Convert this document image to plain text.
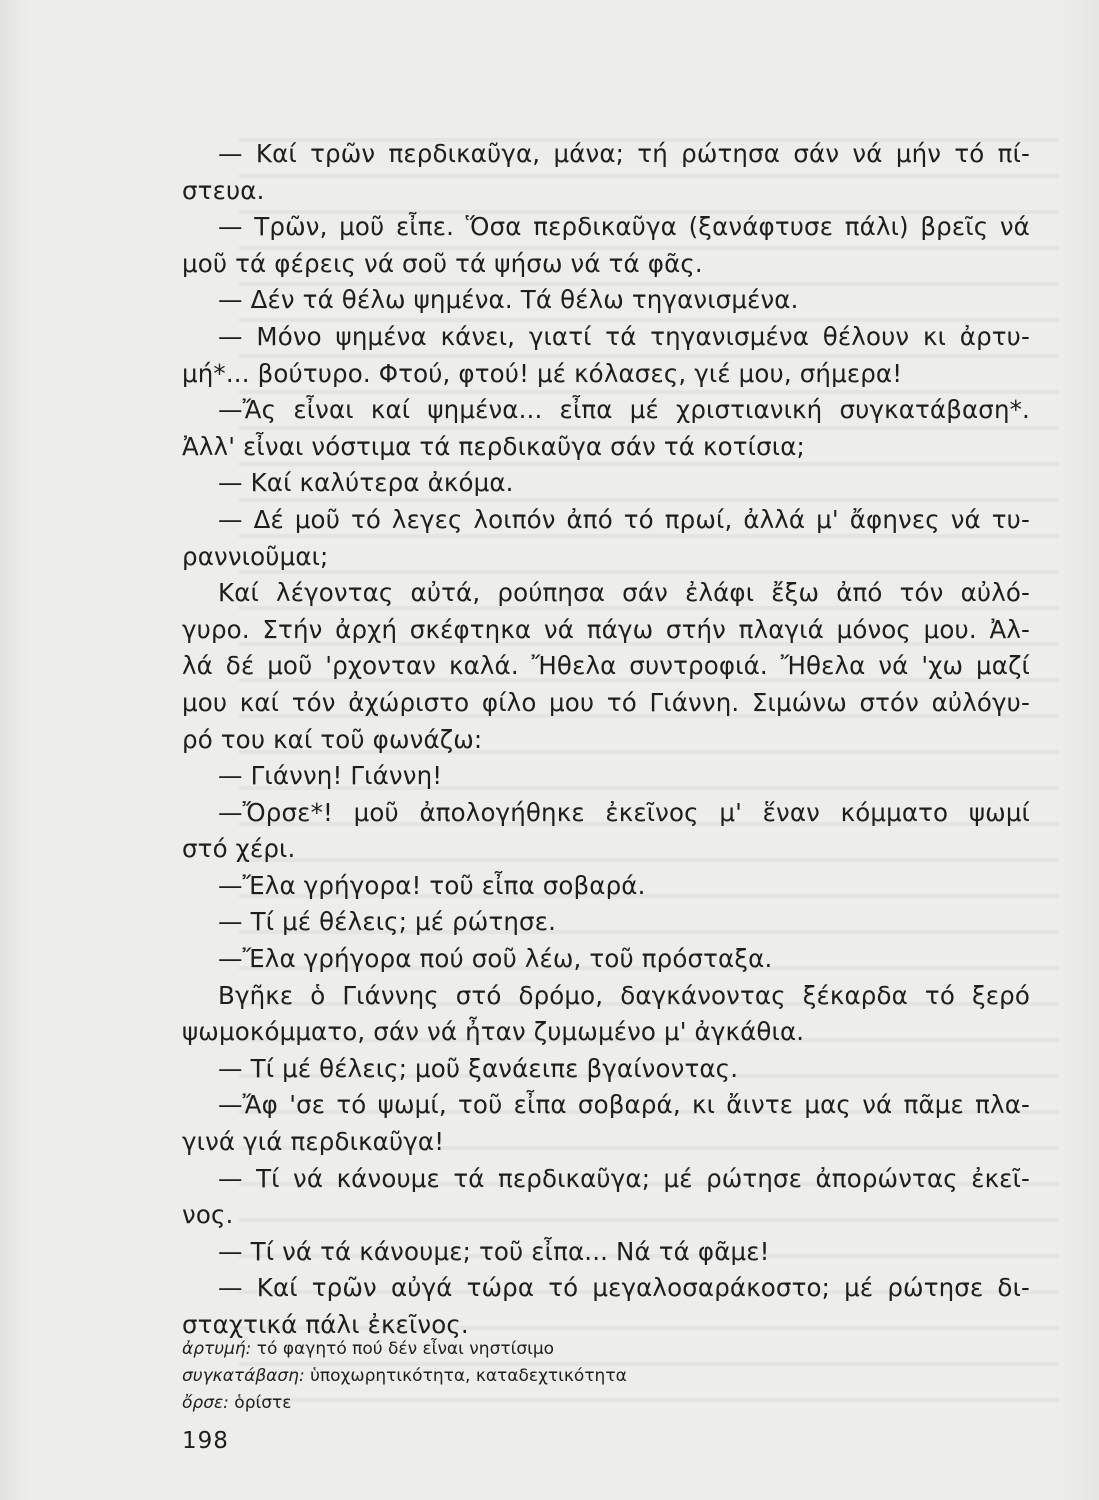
— Καί τρῶν περδικαῦγα, μάνα; τή ρώτησα σάν νά μήν τό πί-
στευα.
— Τρῶν, μοῦ εἶπε. Ὅσα περδικαῦγα (ξανάφτυσε πάλι) βρεῖς νά
μοῦ τά φέρεις νά σοῦ τά ψήσω νά τά φᾶς.
— Δέν τά θέλω ψημένα. Τά θέλω τηγανισμένα.
— Μόνο ψημένα κάνει, γιατί τά τηγανισμένα θέλουν κι ἀρτυ-
μή*... βούτυρο. Φτού, φτού! μέ κόλασες, γιέ μου, σήμερα!
—Ἄς εἶναι καί ψημένα... εἶπα μέ χριστιανική συγκατάβαση*.
Ἀλλ' εἶναι νόστιμα τά περδικαῦγα σάν τά κοτίσια;
— Καί καλύτερα ἀκόμα.
— Δέ μοῦ τό λεγες λοιπόν ἀπό τό πρωί, ἀλλά μ' ἄφηνες νά τυ-
ραννιοῦμαι;
Καί λέγοντας αὐτά, ρούπησα σάν ἐλάφι ἔξω ἀπό τόν αὐλό-
γυρο. Στήν ἀρχή σκέφτηκα νά πάγω στήν πλαγιά μόνος μου. Ἀλ-
λά δέ μοῦ 'ρχονταν καλά. Ἤθελα συντροφιά. Ἤθελα νά 'χω μαζί
μου καί τόν ἀχώριστο φίλο μου τό Γιάννη. Σιμώνω στόν αὐλόγυ-
ρό του καί τοῦ φωνάζω:
— Γιάννη! Γιάννη!
—Ὄρσε*! μοῦ ἀπολογήθηκε ἐκεῖνος μ' ἕναν κόμματο ψωμί
στό χέρι.
—Ἔλα γρήγορα! τοῦ εἶπα σοβαρά.
— Τί μέ θέλεις; μέ ρώτησε.
—Ἔλα γρήγορα πού σοῦ λέω, τοῦ πρόσταξα.
Βγῆκε ὁ Γιάννης στό δρόμο, δαγκάνοντας ξέκαρδα τό ξερό
ψωμοκόμματο, σάν νά ἦταν ζυμωμένο μ' ἀγκάθια.
— Τί μέ θέλεις; μοῦ ξανάειπε βγαίνοντας.
—Ἄφ 'σε τό ψωμί, τοῦ εἶπα σοβαρά, κι ἄιντε μας νά πᾶμε πλα-
γινά γιά περδικαῦγα!
— Τί νά κάνουμε τά περδικαῦγα; μέ ρώτησε ἀπορώντας ἐκεῖ-
νος.
— Τί νά τά κάνουμε; τοῦ εἶπα... Νά τά φᾶμε!
— Καί τρῶν αὐγά τώρα τό μεγαλοσαράκοστο; μέ ρώτησε δι-
σταχτικά πάλι ἐκεῖνος.
ἀρτυμή: τό φαγητό πού δέν εἶναι νηστίσιμο
συγκατάβαση: ὑποχωρητικότητα, καταδεχτικότητα
ὄρσε: ὁρίστε
198
